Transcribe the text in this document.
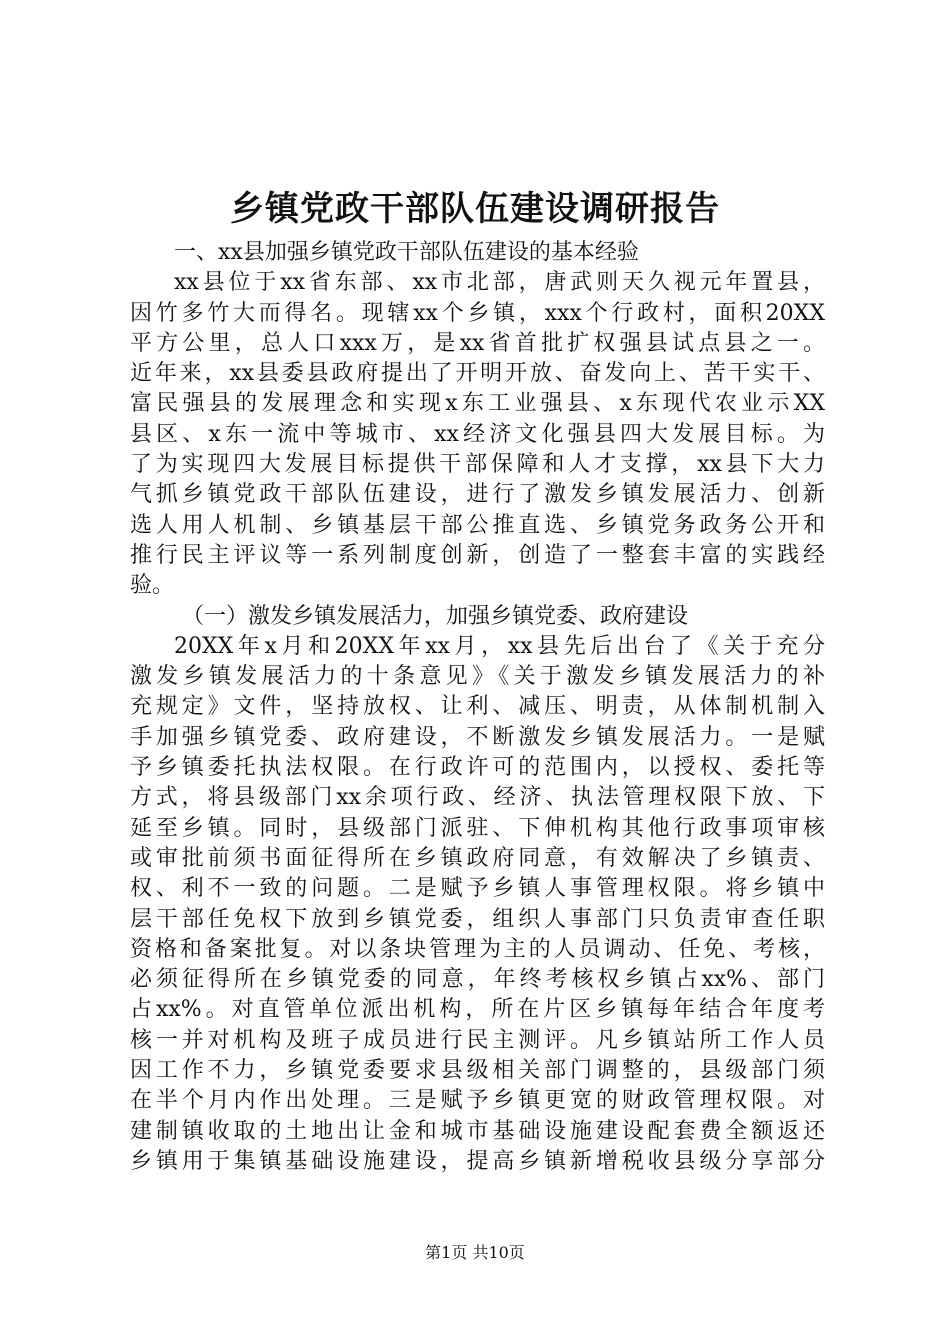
乡镇党政干部队伍建设调研报告
一、xx县加强乡镇党政干部队伍建设的基本经验
xx县位于xx省东部、xx市北部，唐武则天久视元年置县，
因竹多竹大而得名。现辖xx个乡镇，xxx个行政村，面积20XX
平方公里，总人口xxx万，是xx省首批扩权强县试点县之一。
近年来，xx县委县政府提出了开明开放、奋发向上、苦干实干、
富民强县的发展理念和实现x东工业强县、x东现代农业示XX
县区、x东一流中等城市、xx经济文化强县四大发展目标。为
了为实现四大发展目标提供干部保障和人才支撑，xx县下大力
气抓乡镇党政干部队伍建设，进行了激发乡镇发展活力、创新
选人用人机制、乡镇基层干部公推直选、乡镇党务政务公开和
推行民主评议等一系列制度创新，创造了一整套丰富的实践经
验。
（一）激发乡镇发展活力，加强乡镇党委、政府建设
20XX年x月和20XX年xx月，xx县先后出台了《关于充分
激发乡镇发展活力的十条意见》《关于激发乡镇发展活力的补
充规定》文件，坚持放权、让利、减压、明责，从体制机制入
手加强乡镇党委、政府建设，不断激发乡镇发展活力。一是赋
予乡镇委托执法权限。在行政许可的范围内，以授权、委托等
方式，将县级部门xx余项行政、经济、执法管理权限下放、下
延至乡镇。同时，县级部门派驻、下伸机构其他行政事项审核
或审批前须书面征得所在乡镇政府同意，有效解决了乡镇责、
权、利不一致的问题。二是赋予乡镇人事管理权限。将乡镇中
层干部任免权下放到乡镇党委，组织人事部门只负责审查任职
资格和备案批复。对以条块管理为主的人员调动、任免、考核，
必须征得所在乡镇党委的同意，年终考核权乡镇占xx%、部门
占xx%。对直管单位派出机构，所在片区乡镇每年结合年度考
核一并对机构及班子成员进行民主测评。凡乡镇站所工作人员
因工作不力，乡镇党委要求县级相关部门调整的，县级部门须
在半个月内作出处理。三是赋予乡镇更宽的财政管理权限。对
建制镇收取的土地出让金和城市基础设施建设配套费全额返还
乡镇用于集镇基础设施建设，提高乡镇新增税收县级分享部分
第1页 共10页
